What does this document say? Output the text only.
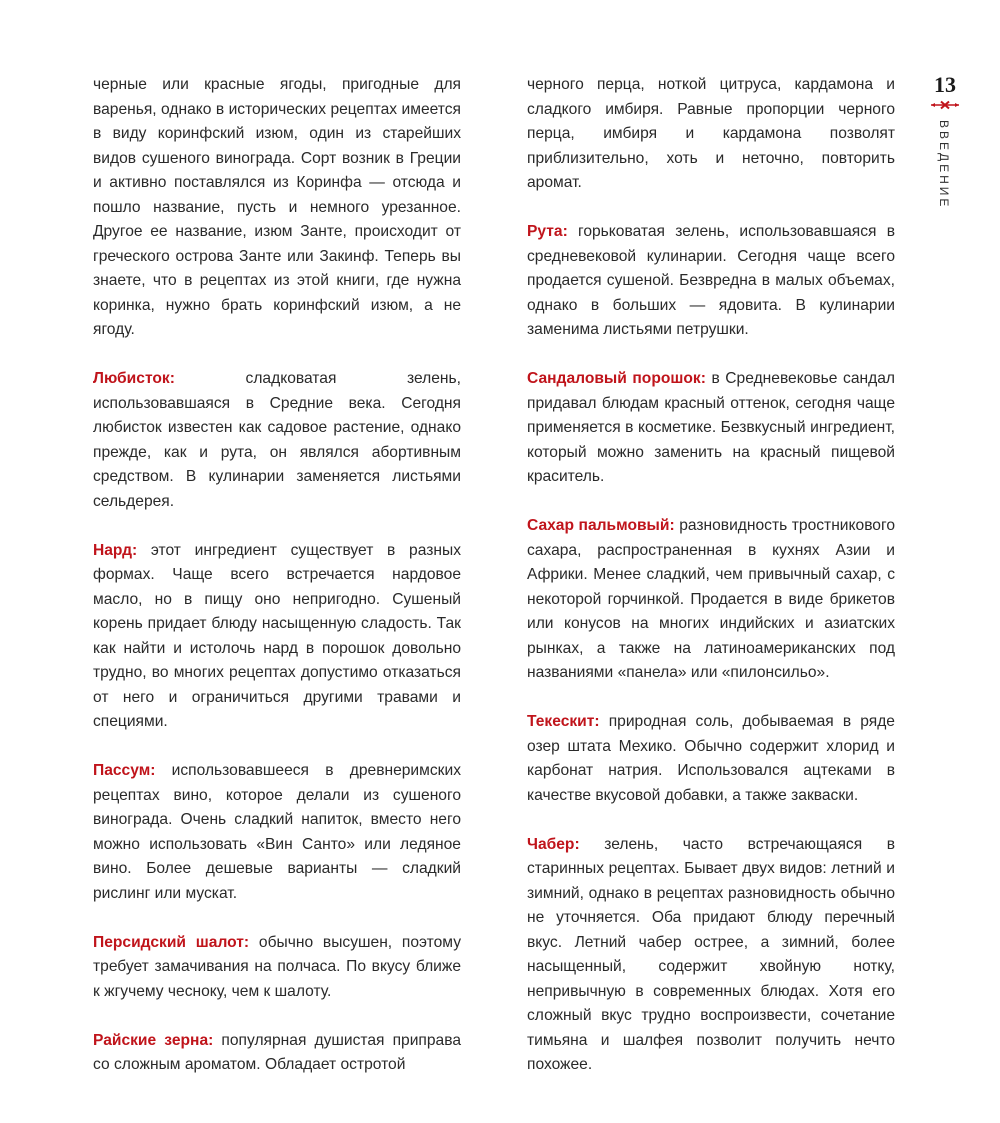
черные или красные ягоды, пригодные для варенья, однако в исторических рецептах имеется в виду коринфский изюм, один из старейших видов сушеного винограда. Сорт возник в Греции и активно поставлялся из Коринфа — отсюда и пошло название, пусть и немного урезанное. Другое ее название, изюм Занте, происходит от греческого острова Занте или Закинф. Теперь вы знаете, что в рецептах из этой книги, где нужна коринка, нужно брать коринфский изюм, а не ягоду.

Любисток: сладковатая зелень, использовавшаяся в Средние века. Сегодня любисток известен как садовое растение, однако прежде, как и рута, он являлся абортивным средством. В кулинарии заменяется листьями сельдерея.

Нард: этот ингредиент существует в разных формах. Чаще всего встречается нардовое масло, но в пищу оно непригодно. Сушеный корень придает блюду насыщенную сладость. Так как найти и истолочь нард в порошок довольно трудно, во многих рецептах допустимо отказаться от него и ограничиться другими травами и специями.

Пассум: использовавшееся в древнеримских рецептах вино, которое делали из сушеного винограда. Очень сладкий напиток, вместо него можно использовать «Вин Санто» или ледяное вино. Более дешевые варианты — сладкий рислинг или мускат.

Персидский шалот: обычно высушен, поэтому требует замачивания на полчаса. По вкусу ближе к жгучему чесноку, чем к шалоту.

Райские зерна: популярная душистая приправа со сложным ароматом. Обладает остротой

черного перца, ноткой цитруса, кардамона и сладкого имбиря. Равные пропорции черного перца, имбиря и кардамона позволят приблизительно, хоть и неточно, повторить аромат.

Рута: горьковатая зелень, использовавшаяся в средневековой кулинарии. Сегодня чаще всего продается сушеной. Безвредна в малых объемах, однако в больших — ядовита. В кулинарии заменима листьями петрушки.

Сандаловый порошок: в Средневековье сандал придавал блюдам красный оттенок, сегодня чаще применяется в косметике. Безвкусный ингредиент, который можно заменить на красный пищевой краситель.

Сахар пальмовый: разновидность тростникового сахара, распространенная в кухнях Азии и Африки. Менее сладкий, чем привычный сахар, с некоторой горчинкой. Продается в виде брикетов или конусов на многих индийских и азиатских рынках, а также на латиноамериканских под названиями «панела» или «пилонсильо».

Текескит: природная соль, добываемая в ряде озер штата Мехико. Обычно содержит хлорид и карбонат натрия. Использовался ацтеками в качестве вкусовой добавки, а также закваски.

Чабер: зелень, часто встречающаяся в старинных рецептах. Бывает двух видов: летний и зимний, однако в рецептах разновидность обычно не уточняется. Оба придают блюду перечный вкус. Летний чабер острее, а зимний, более насыщенный, содержит хвойную нотку, непривычную в современных блюдах. Хотя его сложный вкус трудно воспроизвести, сочетание тимьяна и шалфея позволит получить нечто похожее.

13
ВВЕДЕНИЕ
